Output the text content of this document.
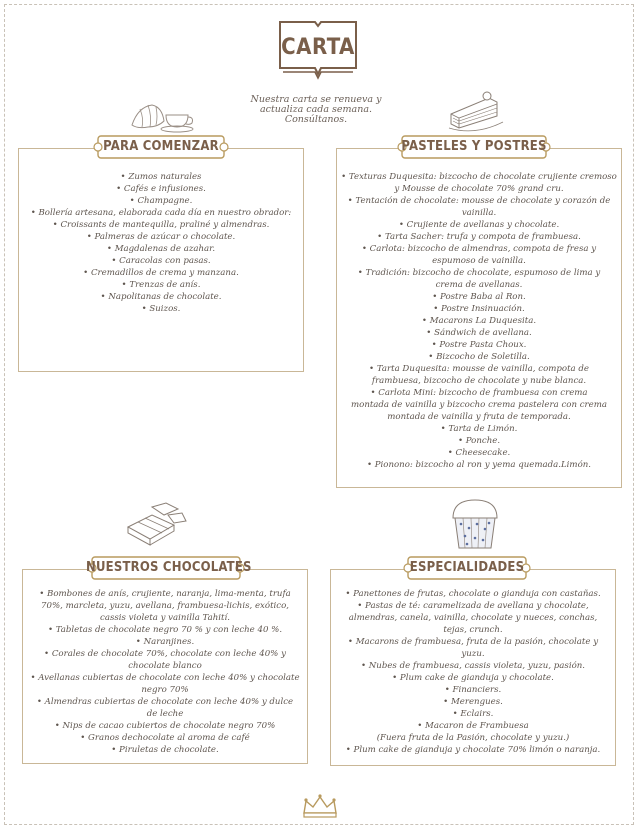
CARTA
Nuestra carta se renueva y
actualiza cada semana.
Consúltanos.
• Zumos naturales
• Cafés e infusiones.
• Champagne.
• Bollería artesana, elaborada cada día en nuestro obrador:
• Croissants de mantequilla, praliné y almendras.
• Palmeras de azúcar o chocolate.
• Magdalenas de azahar.
• Caracolas con pasas.
• Cremadillos de crema y manzana.
• Trenzas de anís.
• Napolitanas de chocolate.
• Suizos.
PARA COMENZAR
• Texturas Duquesita: bizcocho de chocolate crujiente cremoso
y Mousse de chocolate 70% grand cru.
• Tentación de chocolate: mousse de chocolate y corazón de
vainilla.
• Crujiente de avellanas y chocolate.
• Tarta Sacher: trufa y compota de frambuesa.
• Carlota: bizcocho de almendras, compota de fresa y
espumoso de vainilla.
• Tradición: bizcocho de chocolate, espumoso de lima y
crema de avellanas.
• Postre Baba al Ron.
• Postre Insinuación.
• Macarons La Duquesita.
• Sándwich de avellana.
• Postre Pasta Choux.
• Bizcocho de Soletilla.
• Tarta Duquesita: mousse de vainilla, compota de
frambuesa, bizcocho de chocolate y nube blanca.
• Carlota Mini: bizcocho de frambuesa con crema
montada de vainilla y bizcocho crema pastelera con crema
montada de vainilla y fruta de temporada.
• Tarta de Limón.
• Ponche.
• Cheesecake.
• Pionono: bizcocho al ron y yema quemada.Limón.
PASTELES Y POSTRES
• Bombones de anís, crujiente, naranja, lima-menta, trufa
70%, marcleta, yuzu, avellana, frambuesa-lichis, exótico,
cassis violeta y vainilla Tahití.
• Tabletas de chocolate negro 70 % y con leche 40 %.
• Naranjines.
• Corales de chocolate 70%, chocolate con leche 40% y
chocolate blanco
• Avellanas cubiertas de chocolate con leche 40% y chocolate
negro 70%
• Almendras cubiertas de chocolate con leche 40% y dulce
de leche
• Nips de cacao cubiertos de chocolate negro 70%
• Granos dechocolate al aroma de café
• Piruletas de chocolate.
NUESTROS CHOCOLATES
• Panettones de frutas, chocolate o gianduja con castañas.
• Pastas de té: caramelizada de avellana y chocolate,
almendras, canela, vainilla, chocolate y nueces, conchas,
tejas, crunch.
• Macarons de frambuesa, fruta de la pasión, chocolate y
yuzu.
• Nubes de frambuesa, cassis violeta, yuzu, pasión.
• Plum cake de gianduja y chocolate.
• Financiers.
• Merengues.
• Eclairs.
• Macaron de Frambuesa
(Fuera fruta de la Pasión, chocolate y yuzu.)
• Plum cake de gianduja y chocolate 70% limón o naranja.
ESPECIALIDADES
